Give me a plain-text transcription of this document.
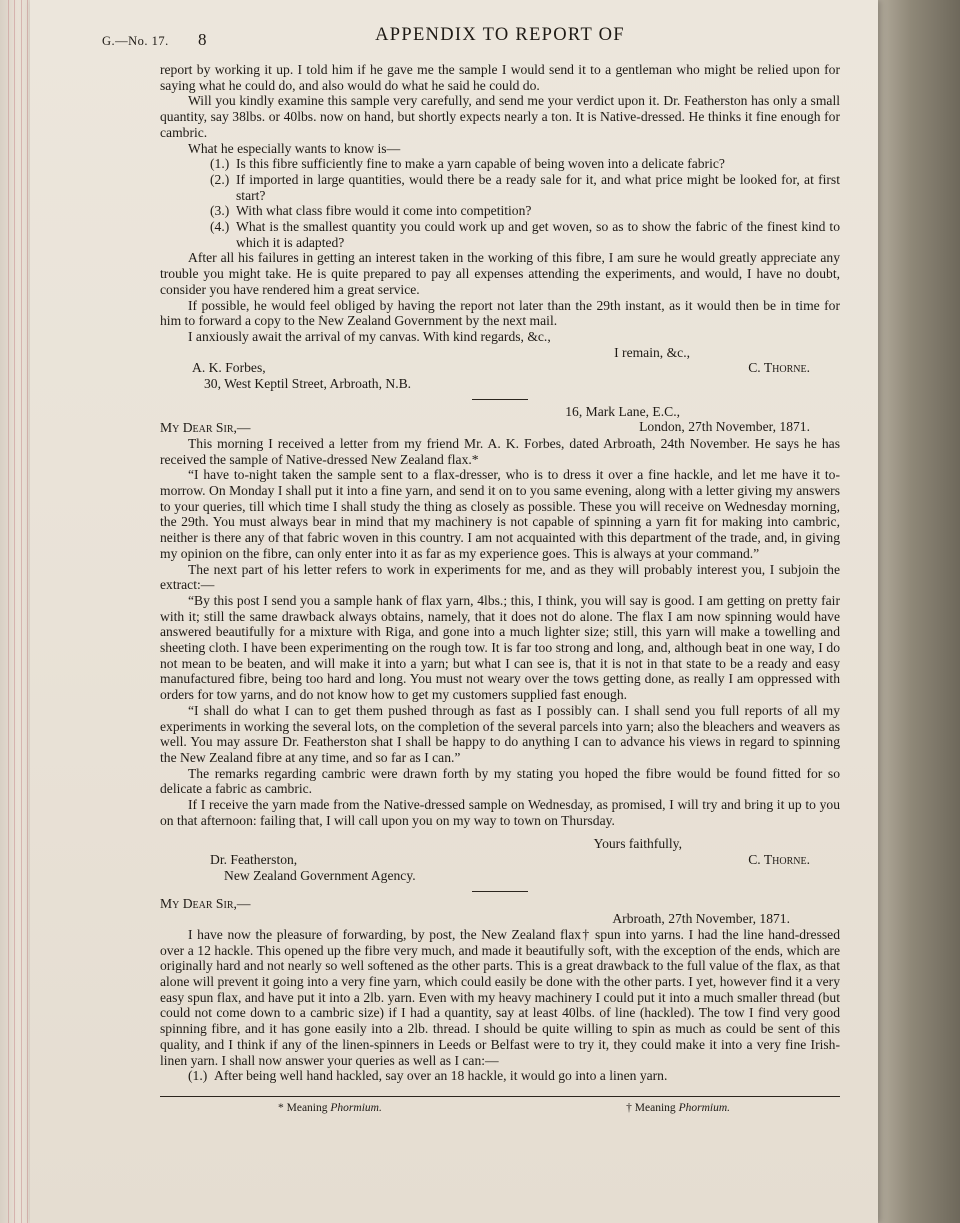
G.—No. 17. 8	APPENDIX TO REPORT OF

report by working it up. I told him if he gave me the sample I would send it to a gentleman who might be relied upon for saying what he could do, and also would do what he said he could do.

Will you kindly examine this sample very carefully, and send me your verdict upon it. Dr. Featherston has only a small quantity, say 38lbs. or 40lbs. now on hand, but shortly expects nearly a ton. It is Native-dressed. He thinks it fine enough for cambric.

What he especially wants to know is—

(1.) Is this fibre sufficiently fine to make a yarn capable of being woven into a delicate fabric?
(2.) If imported in large quantities, would there be a ready sale for it, and what price might be looked for, at first start?
(3.) With what class fibre would it come into competition?
(4.) What is the smallest quantity you could work up and get woven, so as to show the fabric of the finest kind to which it is adapted?

After all his failures in getting an interest taken in the working of this fibre, I am sure he would greatly appreciate any trouble you might take. He is quite prepared to pay all expenses attending the experiments, and would, I have no doubt, consider you have rendered him a great service.

If possible, he would feel obliged by having the report not later than the 29th instant, as it would then be in time for him to forward a copy to the New Zealand Government by the next mail.

I anxiously await the arrival of my canvas. With kind regards, &c.,

I remain, &c.,

A. K. Forbes,	C. Thorne.

30, West Keptil Street, Arbroath, N.B.

16, Mark Lane, E.C.,
London, 27th November, 1871.

My Dear Sir,—

This morning I received a letter from my friend Mr. A. K. Forbes, dated Arbroath, 24th November. He says he has received the sample of Native-dressed New Zealand flax.*

“I have to-night taken the sample sent to a flax-dresser, who is to dress it over a fine hackle, and let me have it to-morrow. On Monday I shall put it into a fine yarn, and send it on to you same evening, along with a letter giving my answers to your queries, till which time I shall study the thing as closely as possible. These you will receive on Wednesday morning, the 29th. You must always bear in mind that my machinery is not capable of spinning a yarn fit for making into cambric, neither is there any of that fabric woven in this country. I am not acquainted with this department of the trade, and, in giving my opinion on the fibre, can only enter into it as far as my experience goes. This is always at your command.”

The next part of his letter refers to work in experiments for me, and as they will probably interest you, I subjoin the extract:—

“By this post I send you a sample hank of flax yarn, 4lbs.; this, I think, you will say is good. I am getting on pretty fair with it; still the same drawback always obtains, namely, that it does not do alone. The flax I am now spinning would have answered beautifully for a mixture with Riga, and gone into a much lighter size; still, this yarn will make a towelling and sheeting cloth. I have been experimenting on the rough tow. It is far too strong and long, and, although beat in one way, I do not mean to be beaten, and will make it into a yarn; but what I can see is, that it is not in that state to be a ready and easy manufactured fibre, being too hard and long. You must not weary over the tows getting done, as really I am oppressed with orders for tow yarns, and do not know how to get my customers supplied fast enough.

“I shall do what I can to get them pushed through as fast as I possibly can. I shall send you full reports of all my experiments in working the several lots, on the completion of the several parcels into yarn; also the bleachers and weavers as well. You may assure Dr. Featherston shat I shall be happy to do anything I can to advance his views in regard to spinning the New Zealand fibre at any time, and so far as I can.”

The remarks regarding cambric were drawn forth by my stating you hoped the fibre would be found fitted for so delicate a fabric as cambric.

If I receive the yarn made from the Native-dressed sample on Wednesday, as promised, I will try and bring it up to you on that afternoon: failing that, I will call upon you on my way to town on Thursday.

Yours faithfully,

Dr. Featherston,	C. Thorne.

New Zealand Government Agency.

My Dear Sir,—

Arbroath, 27th November, 1871.

I have now the pleasure of forwarding, by post, the New Zealand flax† spun into yarns. I had the line hand-dressed over a 12 hackle. This opened up the fibre very much, and made it beautifully soft, with the exception of the ends, which are originally hard and not nearly so well softened as the other parts. This is a great drawback to the full value of the flax, as that alone will prevent it going into a very fine yarn, which could easily be done with the other parts. I yet, however find it a very easy spun flax, and have put it into a 2lb. yarn. Even with my heavy machinery I could put it into a much smaller thread (but could not come down to a cambric size) if I had a quantity, say at least 40lbs. of line (hackled). The tow I find very good spinning fibre, and it has gone easily into a 2lb. thread. I should be quite willing to spin as much as could be sent of this quality, and I think if any of the linen-spinners in Leeds or Belfast were to try it, they could make it into a very fine Irish-linen yarn. I shall now answer your queries as well as I can:—

(1.) After being well hand hackled, say over an 18 hackle, it would go into a linen yarn.
* Meaning Phormium.	† Meaning Phormium.
